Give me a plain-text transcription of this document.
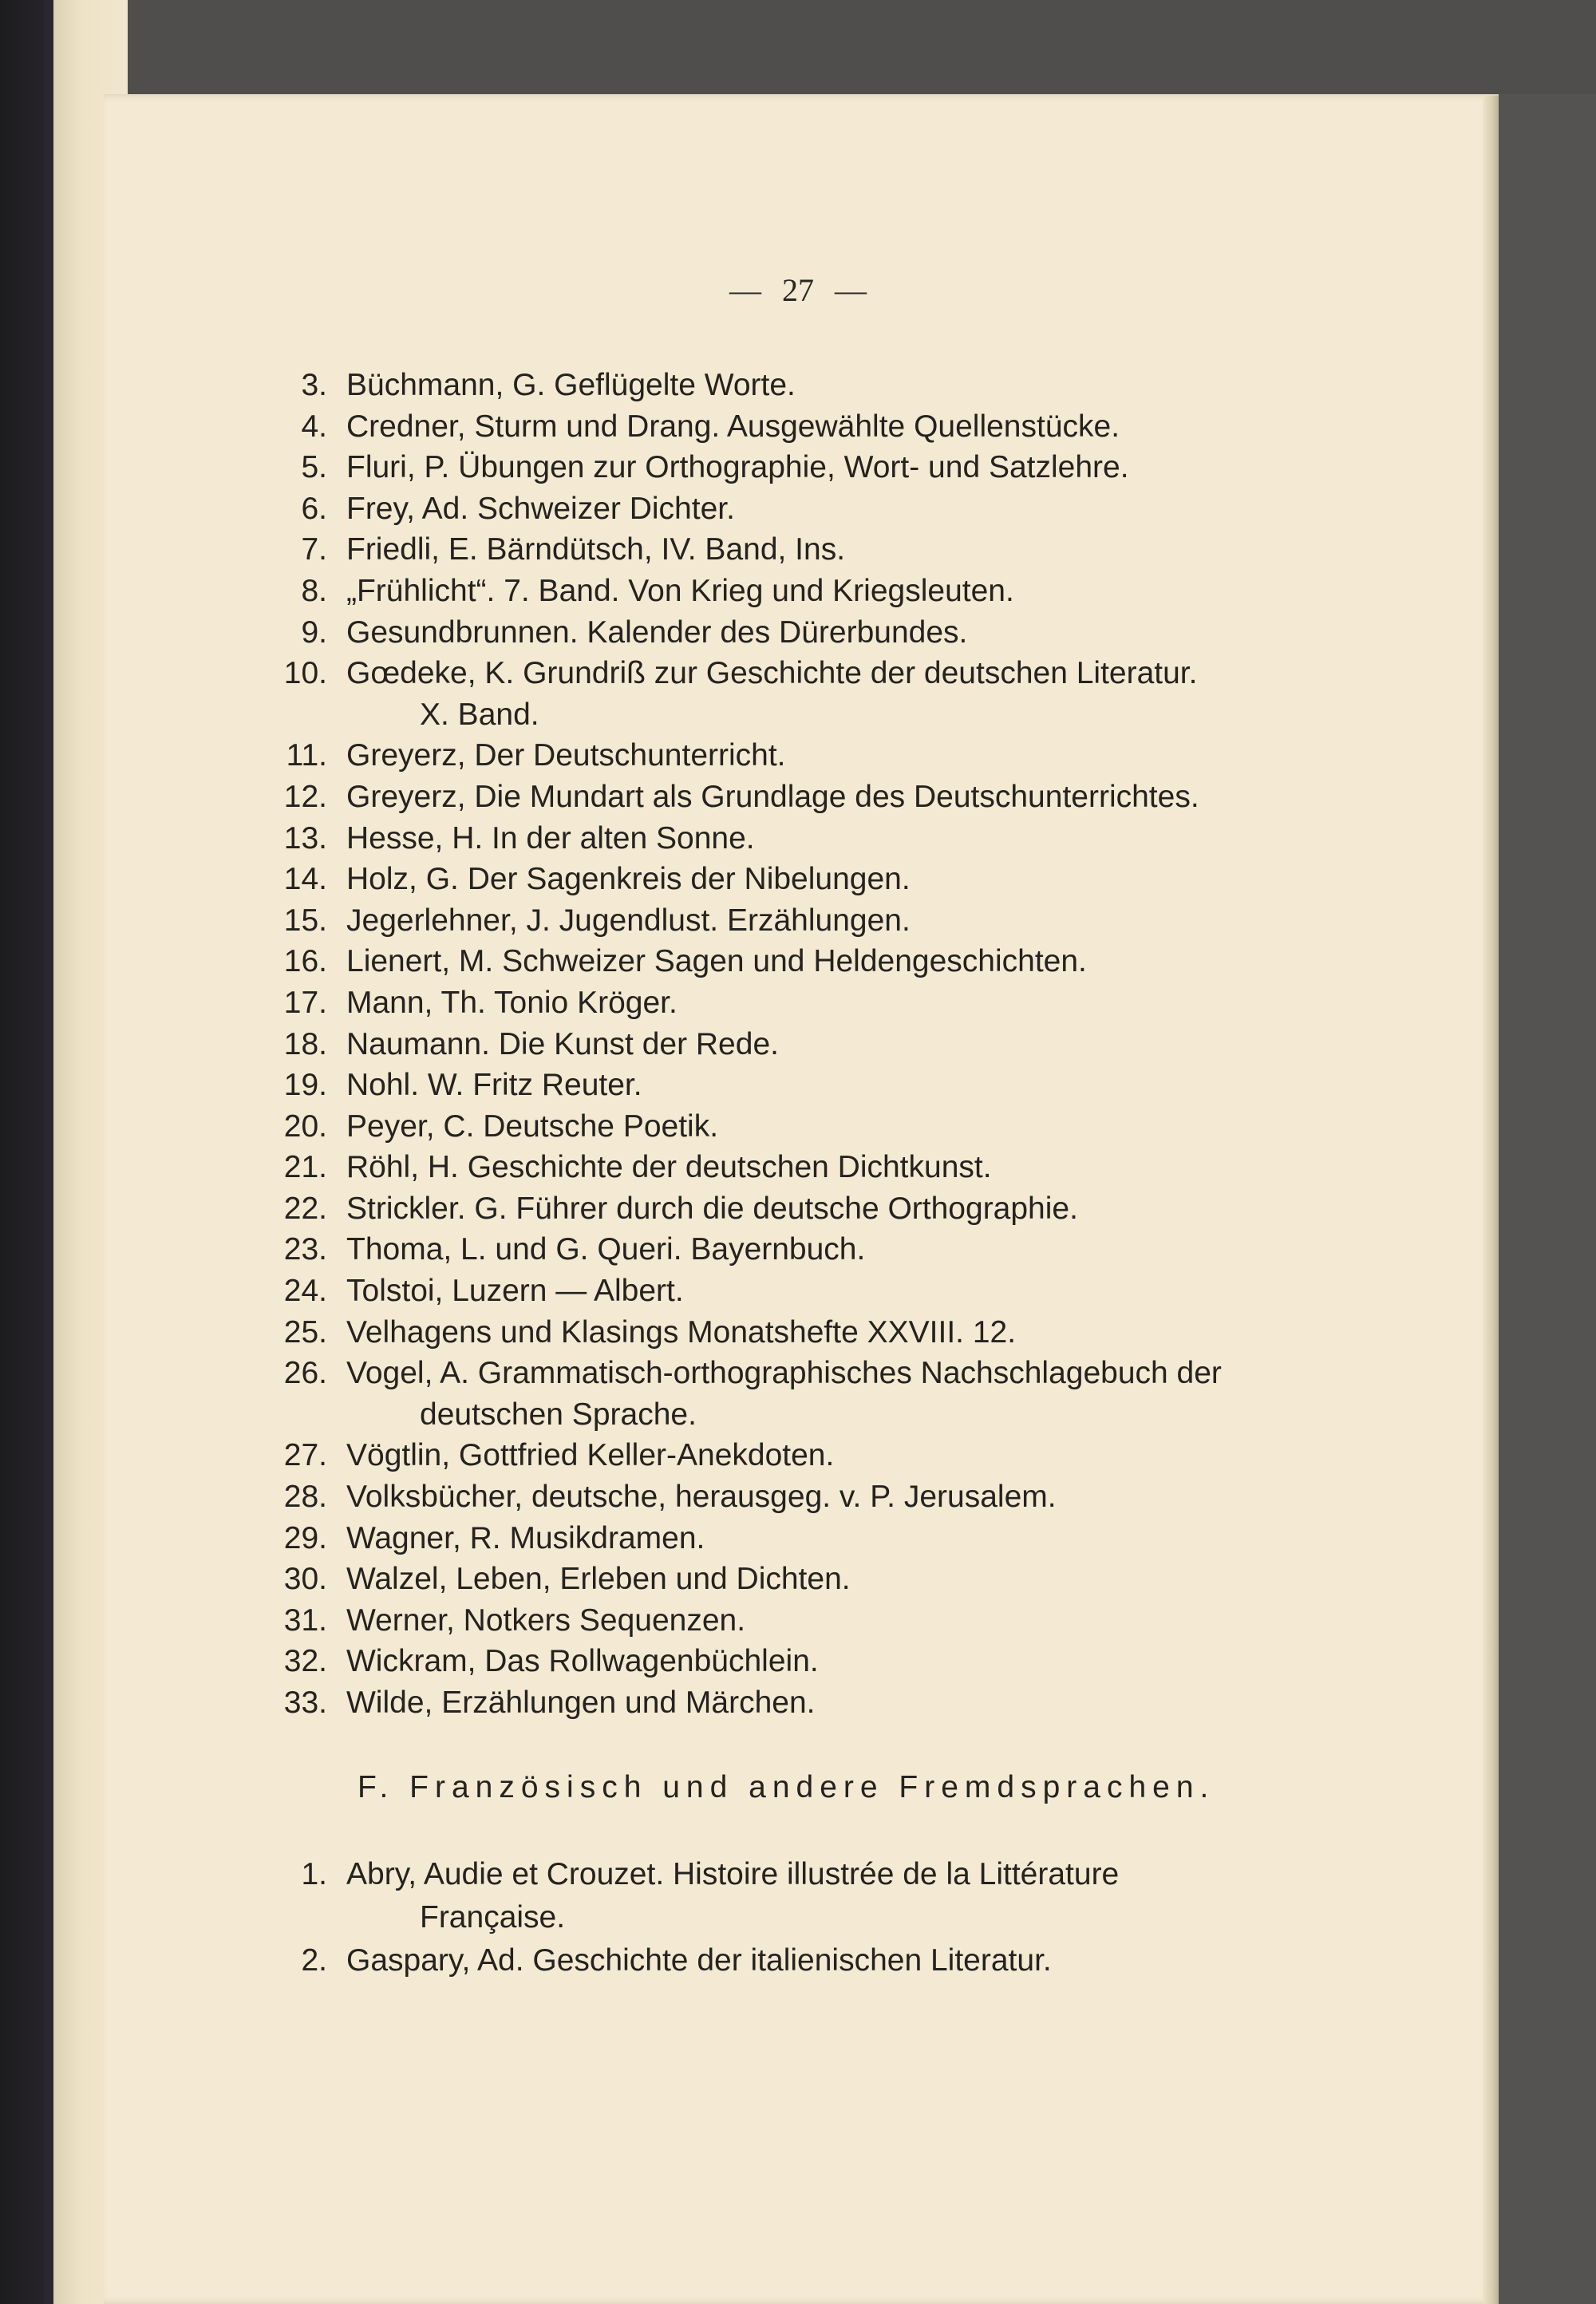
— 27 —
3. Büchmann, G. Geflügelte Worte.
4. Credner, Sturm und Drang. Ausgewählte Quellenstücke.
5. Fluri, P. Übungen zur Orthographie, Wort- und Satzlehre.
6. Frey, Ad. Schweizer Dichter.
7. Friedli, E. Bärndütsch, IV. Band, Ins.
8. „Frühlicht“. 7. Band. Von Krieg und Kriegsleuten.
9. Gesundbrunnen. Kalender des Dürerbundes.
10. Gœdeke, K. Grundriß zur Geschichte der deutschen Literatur.
X. Band.
11. Greyerz, Der Deutschunterricht.
12. Greyerz, Die Mundart als Grundlage des Deutschunterrichtes.
13. Hesse, H. In der alten Sonne.
14. Holz, G. Der Sagenkreis der Nibelungen.
15. Jegerlehner, J. Jugendlust. Erzählungen.
16. Lienert, M. Schweizer Sagen und Heldengeschichten.
17. Mann, Th. Tonio Kröger.
18. Naumann. Die Kunst der Rede.
19. Nohl. W. Fritz Reuter.
20. Peyer, C. Deutsche Poetik.
21. Röhl, H. Geschichte der deutschen Dichtkunst.
22. Strickler. G. Führer durch die deutsche Orthographie.
23. Thoma, L. und G. Queri. Bayernbuch.
24. Tolstoi, Luzern — Albert.
25. Velhagens und Klasings Monatshefte XXVIII. 12.
26. Vogel, A. Grammatisch-orthographisches Nachschlagebuch der
deutschen Sprache.
27. Vögtlin, Gottfried Keller-Anekdoten.
28. Volksbücher, deutsche, herausgeg. v. P. Jerusalem.
29. Wagner, R. Musikdramen.
30. Walzel, Leben, Erleben und Dichten.
31. Werner, Notkers Sequenzen.
32. Wickram, Das Rollwagenbüchlein.
33. Wilde, Erzählungen und Märchen.
F. Französisch und andere Fremdsprachen.
1. Abry, Audie et Crouzet. Histoire illustrée de la Littérature
Française.
2. Gaspary, Ad. Geschichte der italienischen Literatur.
